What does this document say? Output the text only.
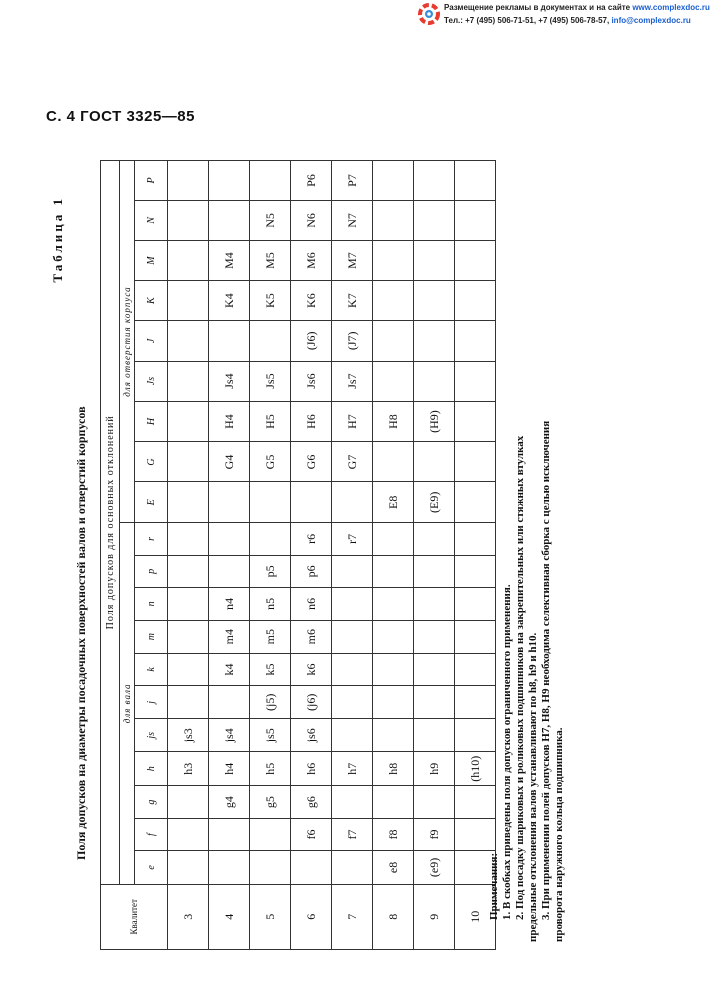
Размещение рекламы в документах и на сайте www.complexdoc.ru
Тел.: +7 (495) 506-71-51, +7 (495) 506-78-57, info@complexdoc.ru
С. 4 ГОСТ 3325—85
Таблица 1
Поля допусков на диаметры посадочных поверхностей валов и отверстий корпусов
Квалитет	Поля допусков для основных отклонений																			
	для вала											для отверстия корпуса								
	e	f	g	h	js	j	k	m	n	p	r	E	G	H	Js	J	K	M	N	P
3				h3	js3															
4			g4	h4	js4		k4	m4	n4				G4	H4	Js4		K4	M4		
5			g5	h5	js5	(j5)	k5	m5	n5	p5			G5	H5	Js5		K5	M5	N5	
6		f6	g6	h6	js6	(j6)	k6	m6	n6	p6	r6		G6	H6	Js6	(J6)	K6	M6	N6	P6
7		f7		h7							r7		G7	H7	Js7	(J7)	K7	M7	N7	P7
8	e8	f8		h8								E8		H8						
9	(e9)	f9		h9								(E9)		(H9)						
10				(h10)																
Примечания: 1. В скобках приведены поля допусков ограниченного применения. 2. Под посадку шариковых и роликовых подшипников на закрепительных или стяжных втулках предельные отклонения валов устанавливают по h8, h9 и h10. 3. При применении полей допусков H7, H8, H9 необходима селективная сборка с целью исключения проворота наружного кольца подшипника.
